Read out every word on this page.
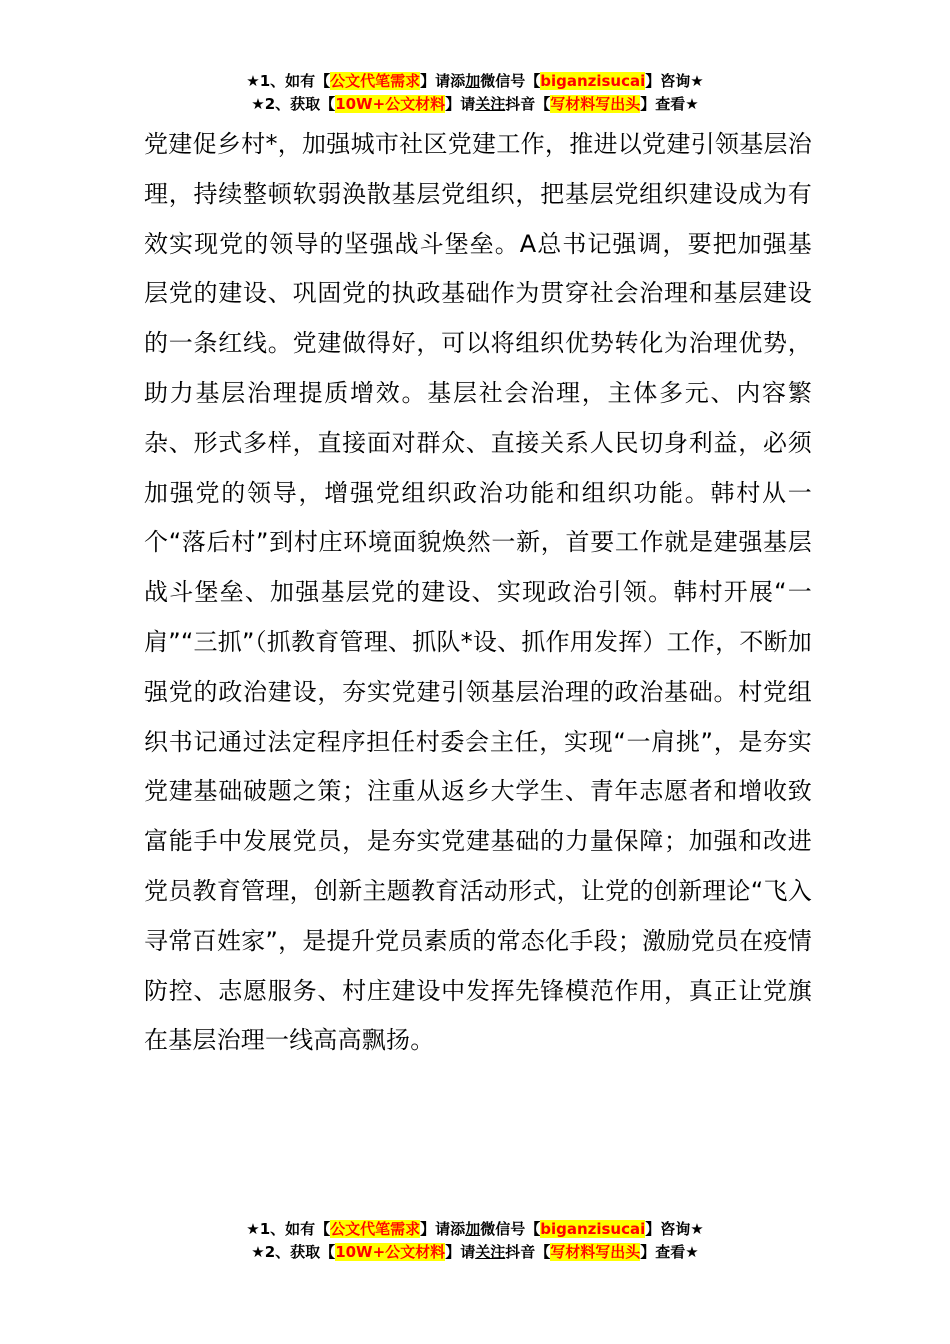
★1、如有【公文代笔需求】请添加微信号【biganzisucai】咨询★
★2、获取【10W+公文材料】请关注抖音【写材料写出头】查看★

党建促乡村*，加强城市社区党建工作，推进以党建引领基层治理，持续整顿软弱涣散基层党组织，把基层党组织建设成为有效实现党的领导的坚强战斗堡垒。A总书记强调，要把加强基层党的建设、巩固党的执政基础作为贯穿社会治理和基层建设的一条红线。党建做得好，可以将组织优势转化为治理优势，助力基层治理提质增效。基层社会治理，主体多元、内容繁杂、形式多样，直接面对群众、直接关系人民切身利益，必须加强党的领导，增强党组织政治功能和组织功能。韩村从一个“落后村”到村庄环境面貌焕然一新，首要工作就是建强基层战斗堡垒、加强基层党的建设、实现政治引领。韩村开展“一肩”“三抓”（抓教育管理、抓队*设、抓作用发挥）工作，不断加强党的政治建设，夯实党建引领基层治理的政治基础。村党组织书记通过法定程序担任村委会主任，实现“一肩挑”，是夯实党建基础破题之策；注重从返乡大学生、青年志愿者和增收致富能手中发展党员，是夯实党建基础的力量保障；加强和改进党员教育管理，创新主题教育活动形式，让党的创新理论“飞入寻常百姓家”，是提升党员素质的常态化手段；激励党员在疫情防控、志愿服务、村庄建设中发挥先锋模范作用，真正让党旗在基层治理一线高高飘扬。

★1、如有【公文代笔需求】请添加微信号【biganzisucai】咨询★
★2、获取【10W+公文材料】请关注抖音【写材料写出头】查看★
